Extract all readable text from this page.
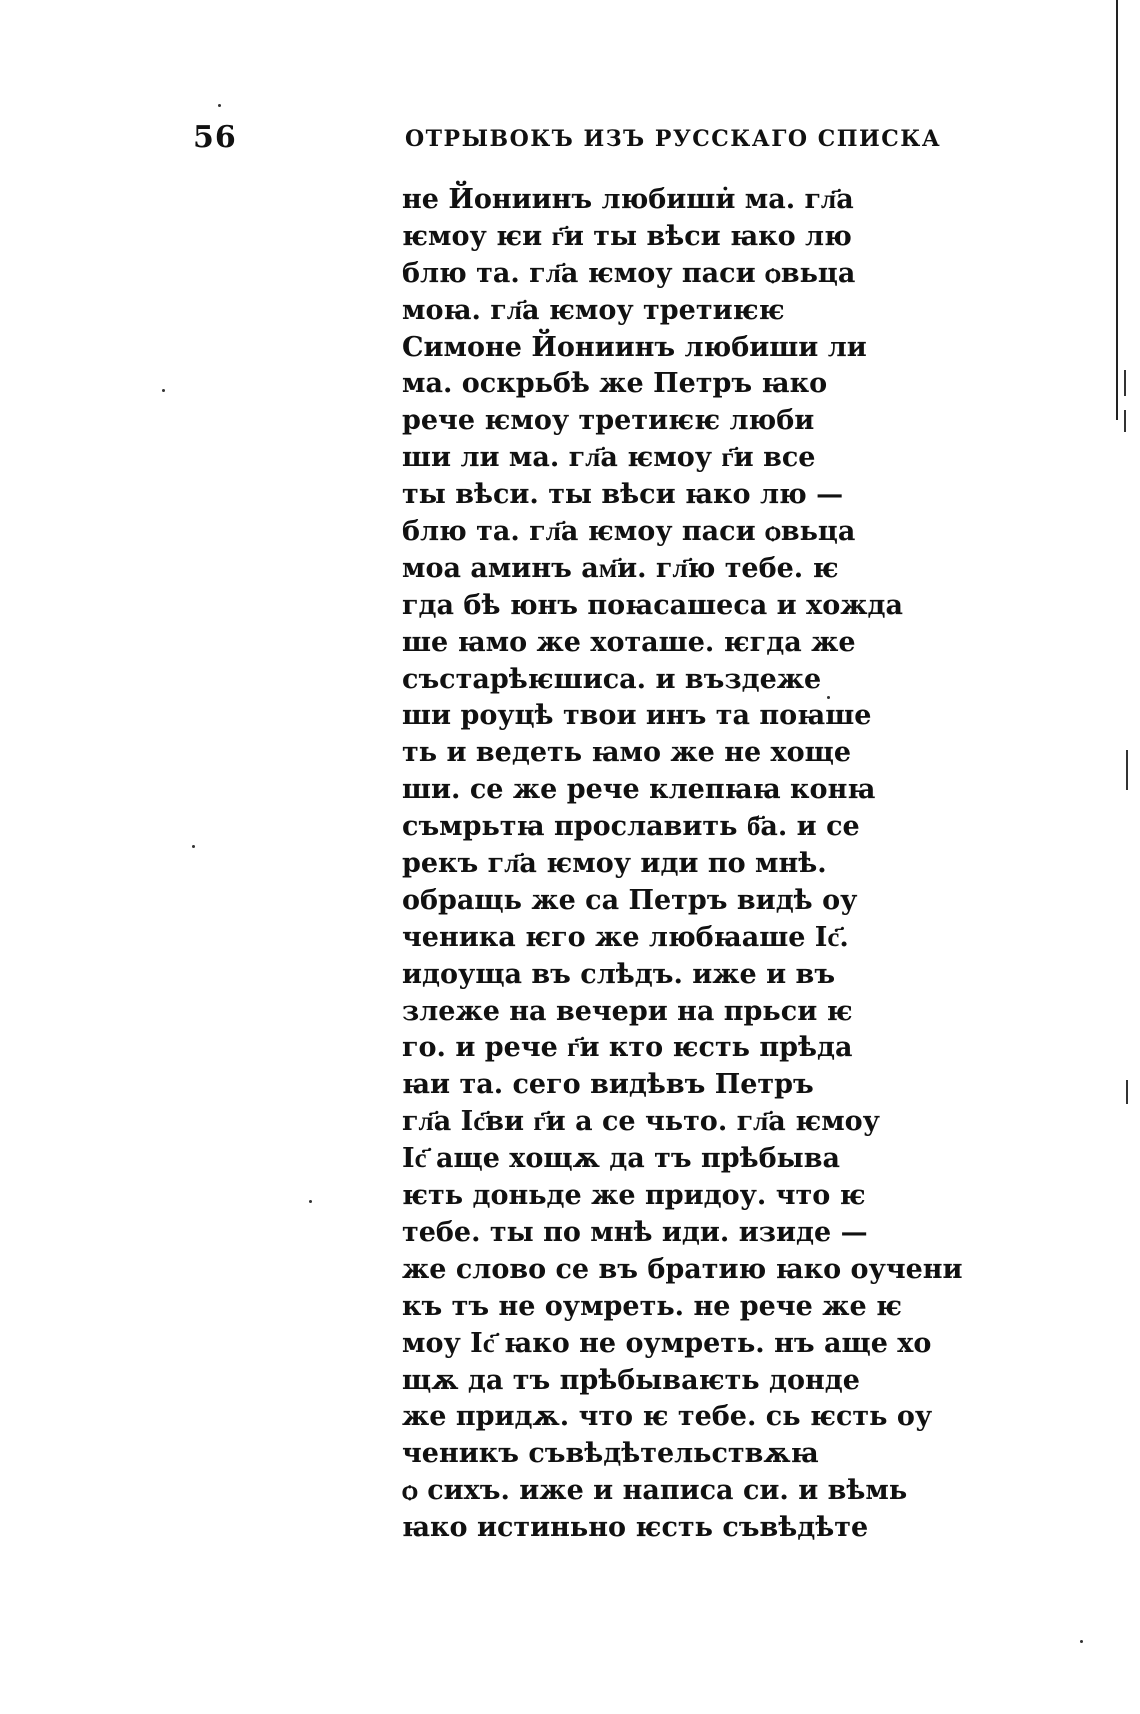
56	ОТРЫВОКЪ ИЗЪ РУССКАГО СПИСКА
не Йониинъ любиши̇ ма. гл҃а
ѥмоу ѥи г҃и ты вѣси ꙗко лю
блю та. гл҃а ѥмоу паси ѻвьца
моꙗ. гл҃а ѥмоу третиѥѥ
Симоне Йониинъ любиши ли
ма. оскрьбѣ же Петръ ꙗко
рече ѥмоу третиѥѥ люби
ши ли ма. гл҃а ѥмоу г҃и все
ты вѣси. ты вѣси ꙗко лю —
блю та. гл҃а ѥмоу паси ѻвьца
моа аминъ ам҃и. гл҃ю тебе. ѥ
гда бѣ юнъ поꙗсашеса и хожда
ше ꙗмо же хоташе. ѥгда же
състарѣѥшиса. и въздеже
ши роуцѣ твои инъ та поꙗше
ть и ведеть ꙗмо же не хоще
ши. се же рече клепꙗꙗ конꙗ
съмрьтꙗ прославить б҃а. и се
рекъ гл҃а ѥмоу иди по мнѣ.
обращь же са Петръ видѣ оу
ченика ѥго же любꙗаше Іс҃.
идоуща въ слѣдъ. иже и въ
злеже на вечери на прьси ѥ
го. и рече г҃и кто ѥсть прѣда
ꙗи та. сего видѣвъ Петръ
гл҃а Іс҃ви г҃и а се чьто. гл҃а ѥмоу
Іс҃ аще хощѫ да тъ прѣбыва
ѥть доньде же придоу. что ѥ
тебе. ты по мнѣ иди. изиде —
же слово се въ братию ꙗко оучени
къ тъ не оумреть. не рече же ѥ
моу Іс҃ ꙗко не оумреть. нъ аще хо
щѫ да тъ прѣбываѥть донде
же придѫ. что ѥ тебе. сь ѥсть оу
ченикъ съвѣдѣтельствѫꙗ
ѻ сихъ. иже и написа си. и вѣмь
ꙗко истиньно ѥсть съвѣдѣте
